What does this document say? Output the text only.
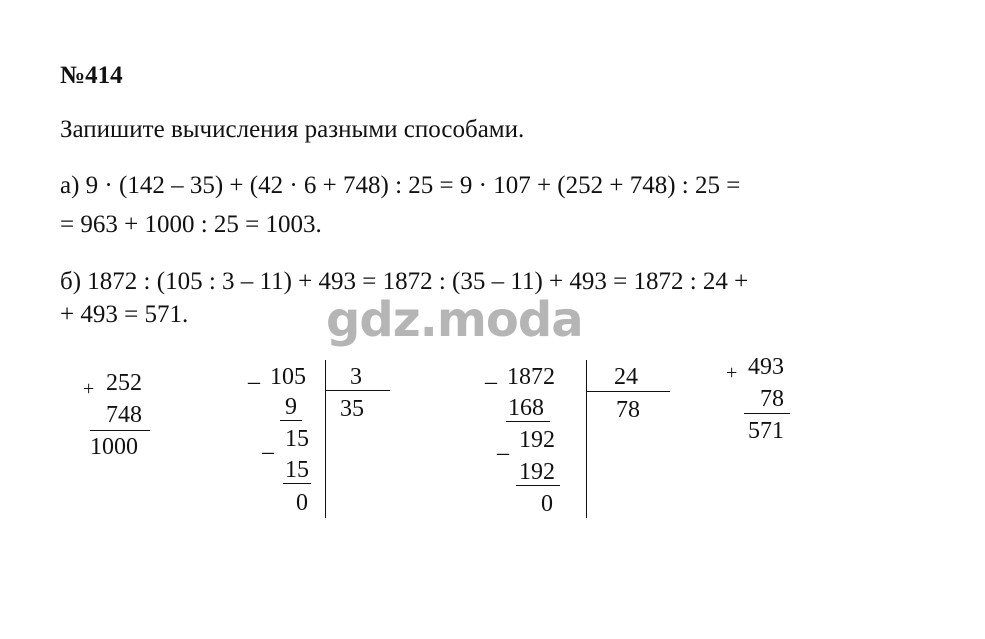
№414
Запишите вычисления разными способами.
а) 9 · (142 – 35) + (42 · 6 + 748) : 25 = 9 · 107 + (252 + 748) : 25 =
= 963 + 1000 : 25 = 1003.
б) 1872 : (105 : 3 – 11) + 493 = 1872 : (35 – 11) + 493 = 1872 : 24 +
+ 493 = 571.	gdz.moda
+ 252
748
1000
_ 105 3
35
9
_ 15
15
0
_ 1872 24
78
168
_ 192
192
0
+ 493
78
571
